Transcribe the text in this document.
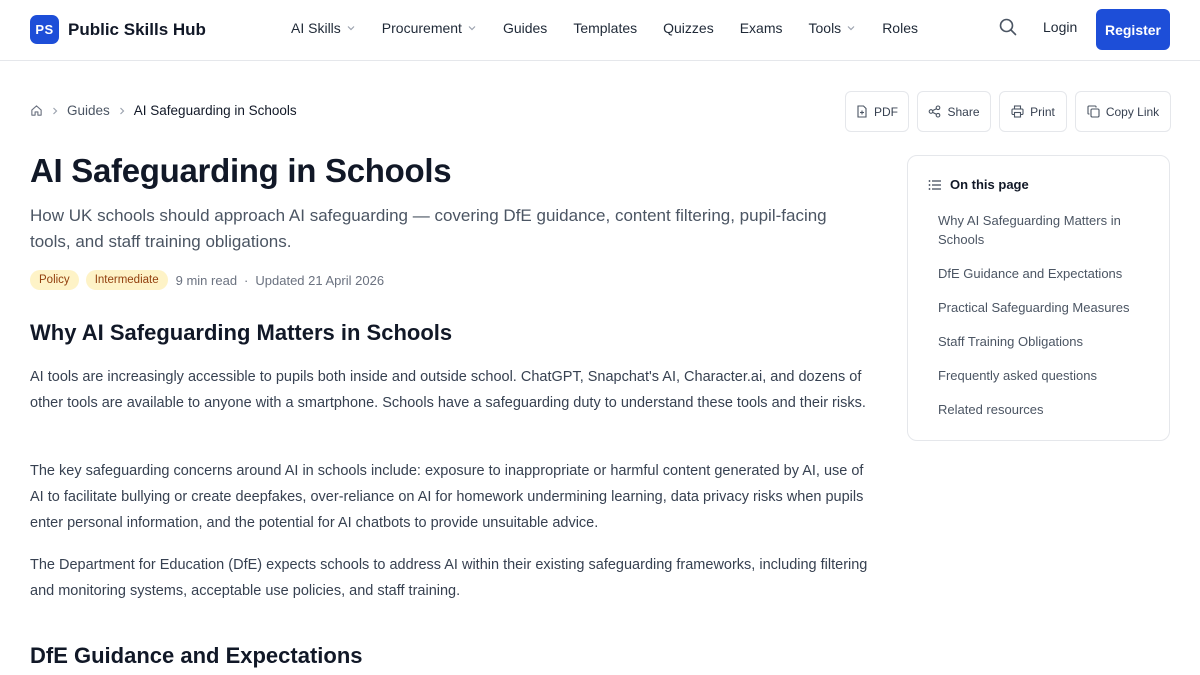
PS Public Skills Hub	AI Skills	Procurement	Guides Templates Quizzes Exams Tools	Roles	Login	Register
Guides AI Safeguarding in Schools	PDF	Share	Print	Copy Link
AI Safeguarding in Schools

How UK schools should approach AI safeguarding — covering DfE guidance, content filtering, pupil-facing tools, and staff training obligations.

Policy	Intermediate	9 min read · Updated 21 April 2026
Why AI Safeguarding Matters in Schools

AI tools are increasingly accessible to pupils both inside and outside school. ChatGPT, Snapchat's AI, Character.ai, and dozens of other tools are available to anyone with a smartphone. Schools have a safeguarding duty to understand these tools and their risks.

The key safeguarding concerns around AI in schools include: exposure to inappropriate or harmful content generated by AI, use of AI to facilitate bullying or create deepfakes, over-reliance on AI for homework undermining learning, data privacy risks when pupils enter personal information, and the potential for AI chatbots to provide unsuitable advice.

The Department for Education (DfE) expects schools to address AI within their existing safeguarding frameworks, including filtering and monitoring systems, acceptable use policies, and staff training.

DfE Guidance and Expectations
On this page
Why AI Safeguarding Matters in Schools
DfE Guidance and Expectations
Practical Safeguarding Measures
Staff Training Obligations
Frequently asked questions
Related resources
